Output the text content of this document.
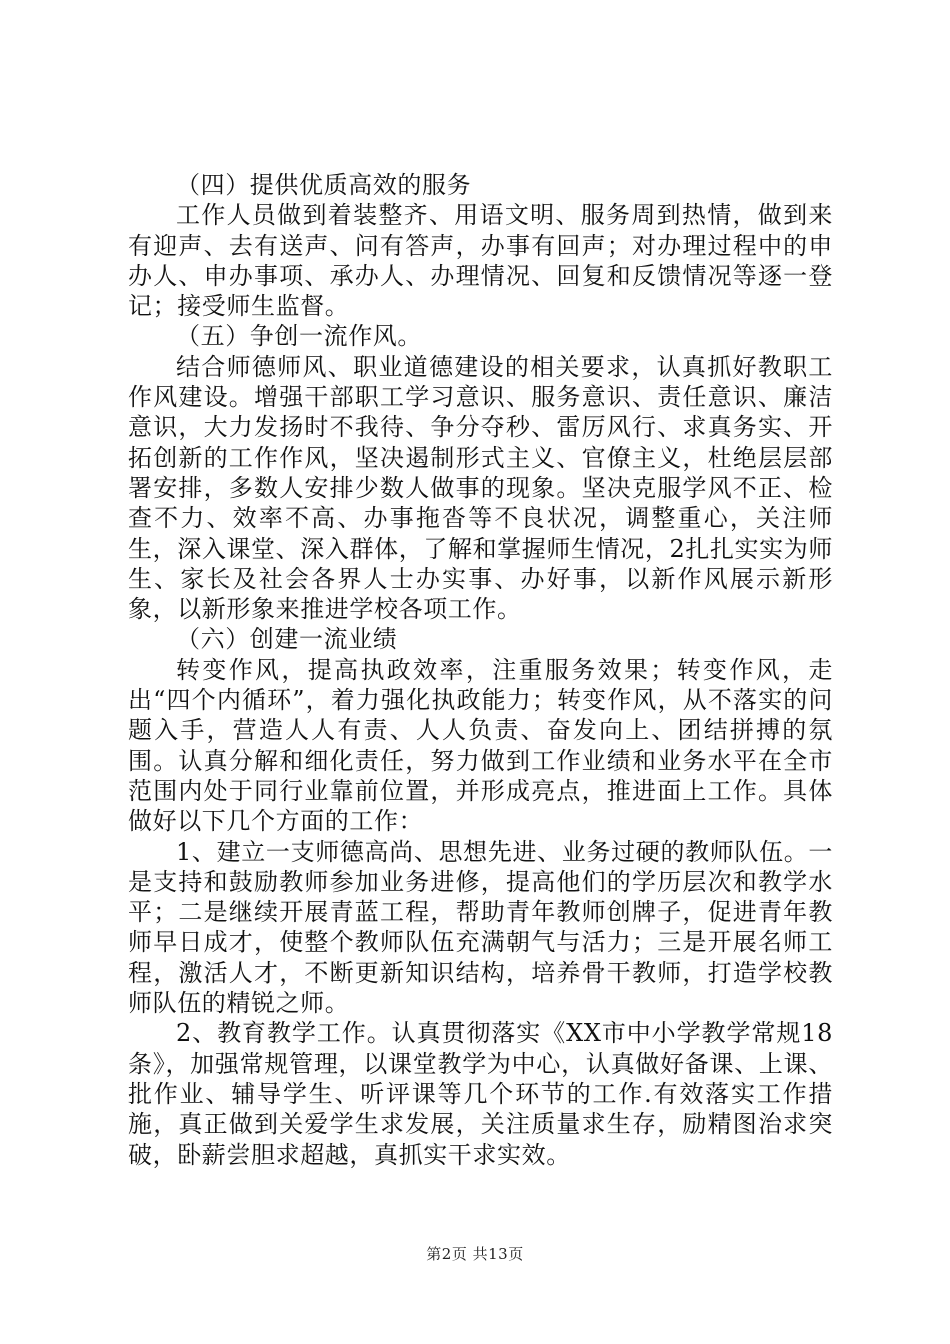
（四）提供优质高效的服务

工作人员做到着装整齐、用语文明、服务周到热情，做到来有迎声、去有送声、问有答声，办事有回声；对办理过程中的申办人、申办事项、承办人、办理情况、回复和反馈情况等逐一登记；接受师生监督。

（五）争创一流作风。

结合师德师风、职业道德建设的相关要求，认真抓好教职工作风建设。增强干部职工学习意识、服务意识、责任意识、廉洁意识，大力发扬时不我待、争分夺秒、雷厉风行、求真务实、开拓创新的工作作风，坚决遏制形式主义、官僚主义，杜绝层层部署安排，多数人安排少数人做事的现象。坚决克服学风不正、检查不力、效率不高、办事拖沓等不良状况，调整重心，关注师生，深入课堂、深入群体，了解和掌握师生情况，2扎扎实实为师生、家长及社会各界人士办实事、办好事，以新作风展示新形象，以新形象来推进学校各项工作。

（六）创建一流业绩

转变作风，提高执政效率，注重服务效果；转变作风，走出“四个内循环”，着力强化执政能力；转变作风，从不落实的问题入手，营造人人有责、人人负责、奋发向上、团结拼搏的氛围。认真分解和细化责任，努力做到工作业绩和业务水平在全市范围内处于同行业靠前位置，并形成亮点，推进面上工作。具体做好以下几个方面的工作：

1、建立一支师德高尚、思想先进、业务过硬的教师队伍。一是支持和鼓励教师参加业务进修，提高他们的学历层次和教学水平；二是继续开展青蓝工程，帮助青年教师创牌子，促进青年教师早日成才，使整个教师队伍充满朝气与活力；三是开展名师工程，激活人才，不断更新知识结构，培养骨干教师，打造学校教师队伍的精锐之师。

2、教育教学工作。认真贯彻落实《XX市中小学教学常规18条》，加强常规管理，以课堂教学为中心，认真做好备课、上课、批作业、辅导学生、听评课等几个环节的工作.有效落实工作措施，真正做到关爱学生求发展，关注质量求生存，励精图治求突破，卧薪尝胆求超越，真抓实干求实效。

第2页 共13页
